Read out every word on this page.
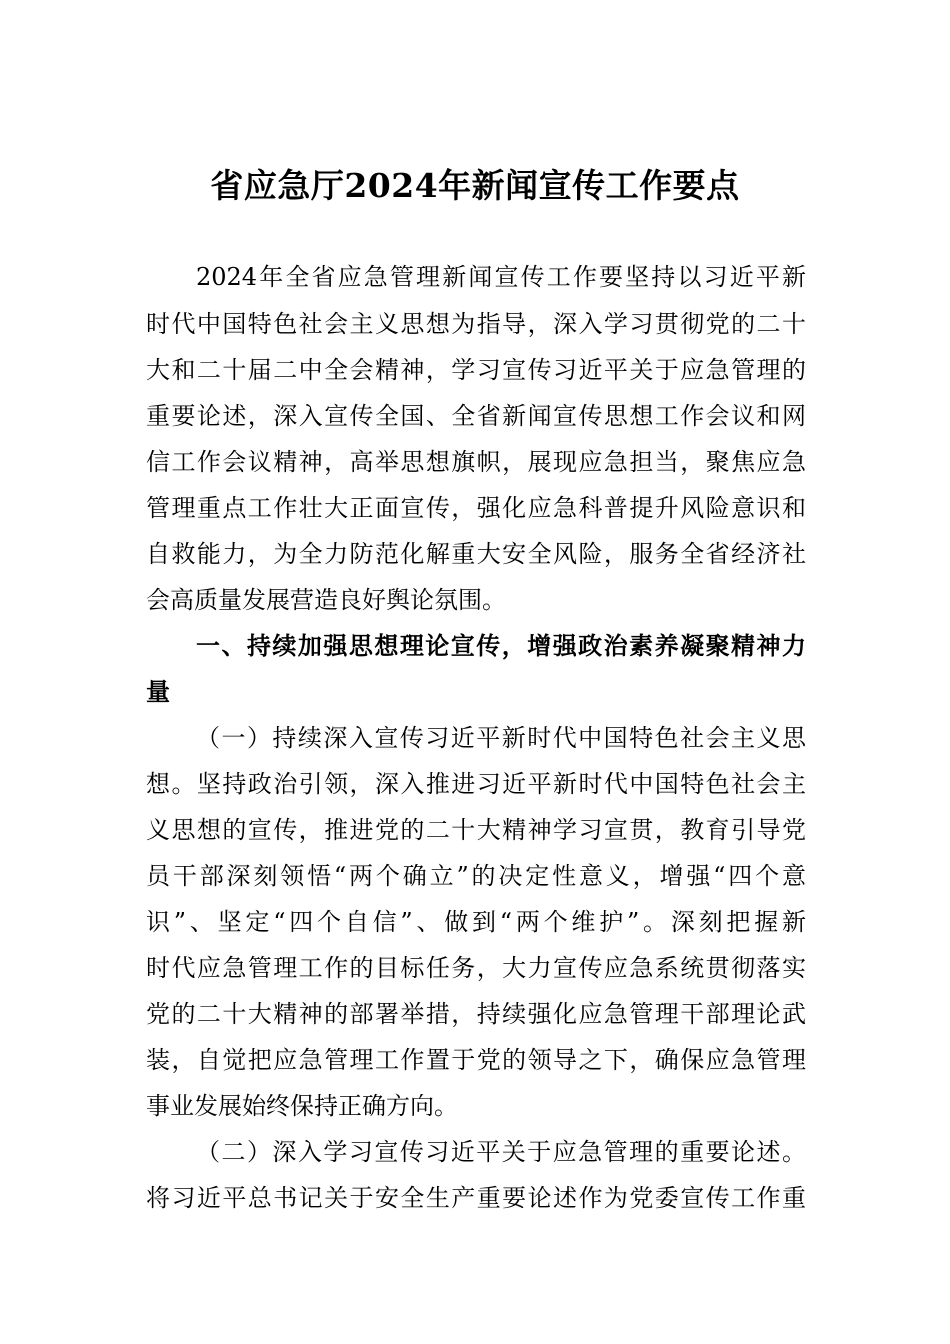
省应急厅2024年新闻宣传工作要点
2024年全省应急管理新闻宣传工作要坚持以习近平新
时代中国特色社会主义思想为指导，深入学习贯彻党的二十
大和二十届二中全会精神，学习宣传习近平关于应急管理的
重要论述，深入宣传全国、全省新闻宣传思想工作会议和网
信工作会议精神，高举思想旗帜，展现应急担当，聚焦应急
管理重点工作壮大正面宣传，强化应急科普提升风险意识和
自救能力，为全力防范化解重大安全风险，服务全省经济社
会高质量发展营造良好舆论氛围。
一、持续加强思想理论宣传，增强政治素养凝聚精神力
量
（一）持续深入宣传习近平新时代中国特色社会主义思
想。坚持政治引领，深入推进习近平新时代中国特色社会主
义思想的宣传，推进党的二十大精神学习宣贯，教育引导党
员干部深刻领悟“两个确立”的决定性意义，增强“四个意
识”、坚定“四个自信”、做到“两个维护”。深刻把握新
时代应急管理工作的目标任务，大力宣传应急系统贯彻落实
党的二十大精神的部署举措，持续强化应急管理干部理论武
装，自觉把应急管理工作置于党的领导之下，确保应急管理
事业发展始终保持正确方向。
（二）深入学习宣传习近平关于应急管理的重要论述。
将习近平总书记关于安全生产重要论述作为党委宣传工作重
